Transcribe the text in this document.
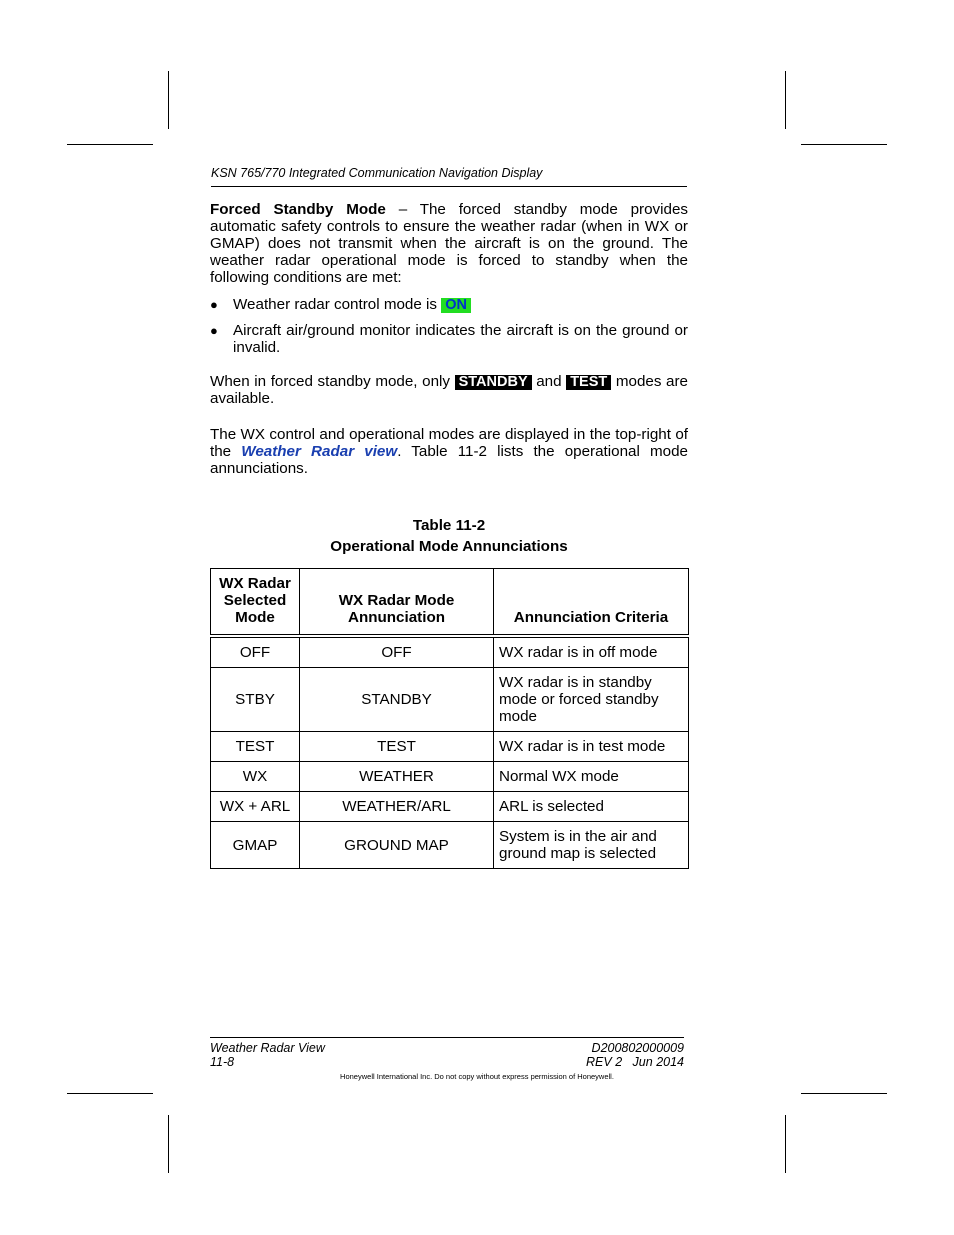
KSN 765/770 Integrated Communication Navigation Display

Forced Standby Mode – The forced standby mode provides automatic safety controls to ensure the weather radar (when in WX or GMAP) does not transmit when the aircraft is on the ground. The weather radar operational mode is forced to standby when the following conditions are met:

● Weather radar control mode is ON
● Aircraft air/ground monitor indicates the aircraft is on the ground or invalid.

When in forced standby mode, only STANDBY and TEST modes are available.

The WX control and operational modes are displayed in the top-right of the Weather Radar view. Table 11-2 lists the operational mode annunciations.

Table 11-2
Operational Mode Annunciations
WX Radar Selected Mode	WX Radar Mode Annunciation	Annunciation Criteria
OFF	OFF	WX radar is in off mode
STBY	STANDBY	WX radar is in standby mode or forced standby mode
TEST	TEST	WX radar is in test mode
WX	WEATHER	Normal WX mode
WX + ARL	WEATHER/ARL	ARL is selected
GMAP	GROUND MAP	System is in the air and ground map is selected
Weather Radar View	D200802000009
11-8	REV 2   Jun 2014
Honeywell International Inc. Do not copy without express permission of Honeywell.
